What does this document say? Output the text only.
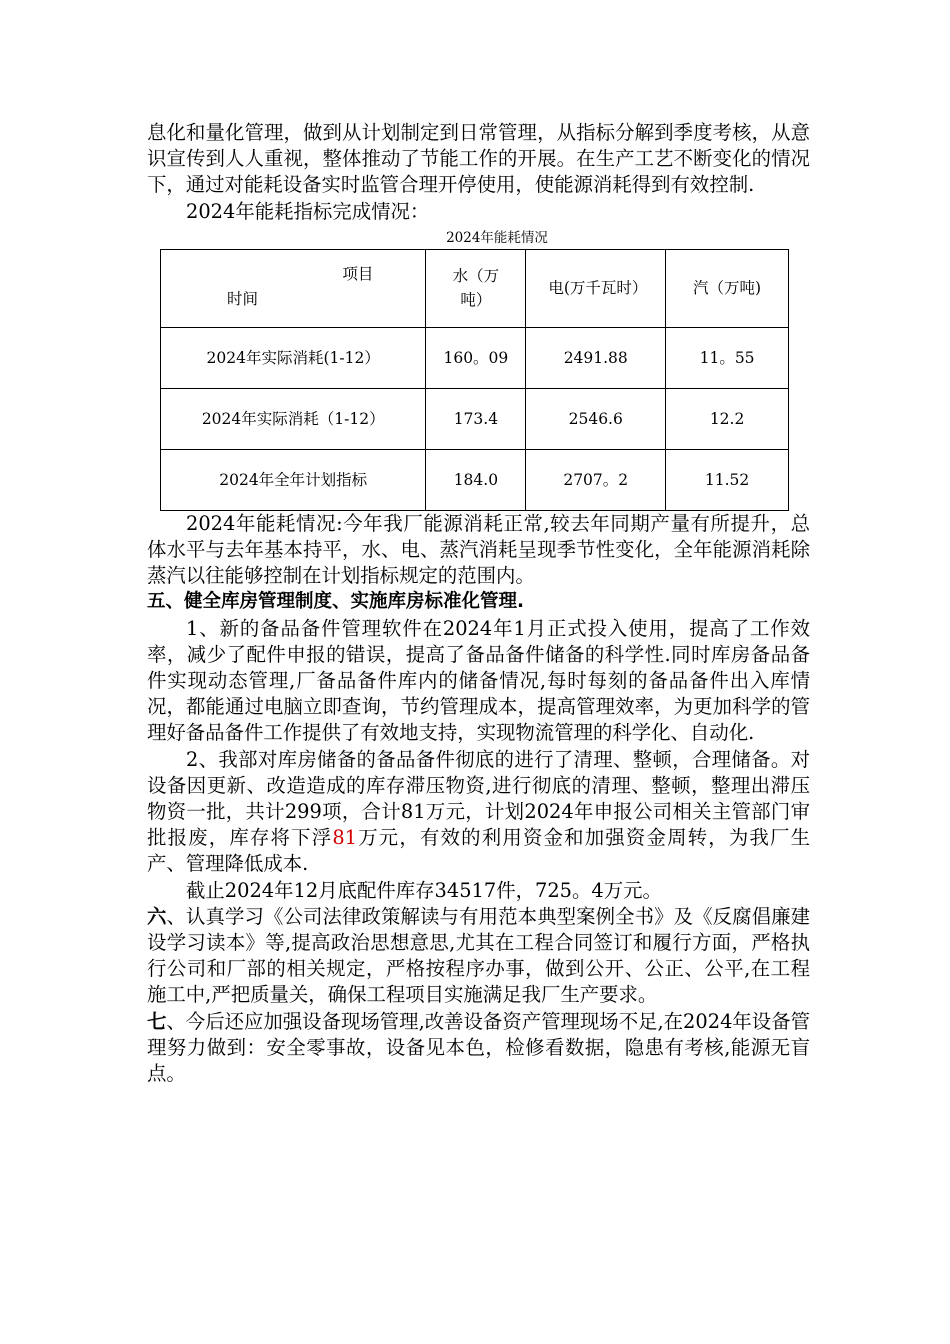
息化和量化管理，做到从计划制定到日常管理，从指标分解到季度考核，从意识宣传到人人重视，整体推动了节能工作的开展。在生产工艺不断变化的情况下，通过对能耗设备实时监管合理开停使用，使能源消耗得到有效控制.

2024年能耗指标完成情况：

2024年能耗情况
项目
时间	水（万吨）	电(万千瓦时）	汽（万吨)
2024年实际消耗(1-12）	160。09	2491.88	11。55
2024年实际消耗（1-12）	173.4	2546.6	12.2
2024年全年计划指标	184.0	2707。2	11.52

2024年能耗情况:今年我厂能源消耗正常,较去年同期产量有所提升，总体水平与去年基本持平，水、电、蒸汽消耗呈现季节性变化，全年能源消耗除蒸汽以往能够控制在计划指标规定的范围内。

五、健全库房管理制度、实施库房标准化管理.

1、新的备品备件管理软件在2024年1月正式投入使用，提高了工作效率，减少了配件申报的错误，提高了备品备件储备的科学性.同时库房备品备件实现动态管理,厂备品备件库内的储备情况,每时每刻的备品备件出入库情况，都能通过电脑立即查询，节约管理成本，提高管理效率，为更加科学的管理好备品备件工作提供了有效地支持，实现物流管理的科学化、自动化.

2、我部对库房储备的备品备件彻底的进行了清理、整顿，合理储备。对设备因更新、改造造成的库存滞压物资,进行彻底的清理、整顿，整理出滞压物资一批，共计299项，合计81万元，计划2024年申报公司相关主管部门审批报废，库存将下浮81万元，有效的利用资金和加强资金周转，为我厂生产、管理降低成本.

截止2024年12月底配件库存34517件，725。4万元。

六、认真学习《公司法律政策解读与有用范本典型案例全书》及《反腐倡廉建设学习读本》等,提高政治思想意思,尤其在工程合同签订和履行方面，严格执行公司和厂部的相关规定，严格按程序办事，做到公开、公正、公平,在工程施工中,严把质量关，确保工程项目实施满足我厂生产要求。

七、今后还应加强设备现场管理,改善设备资产管理现场不足,在2024年设备管理努力做到：安全零事故，设备见本色，检修看数据，隐患有考核,能源无盲点。
